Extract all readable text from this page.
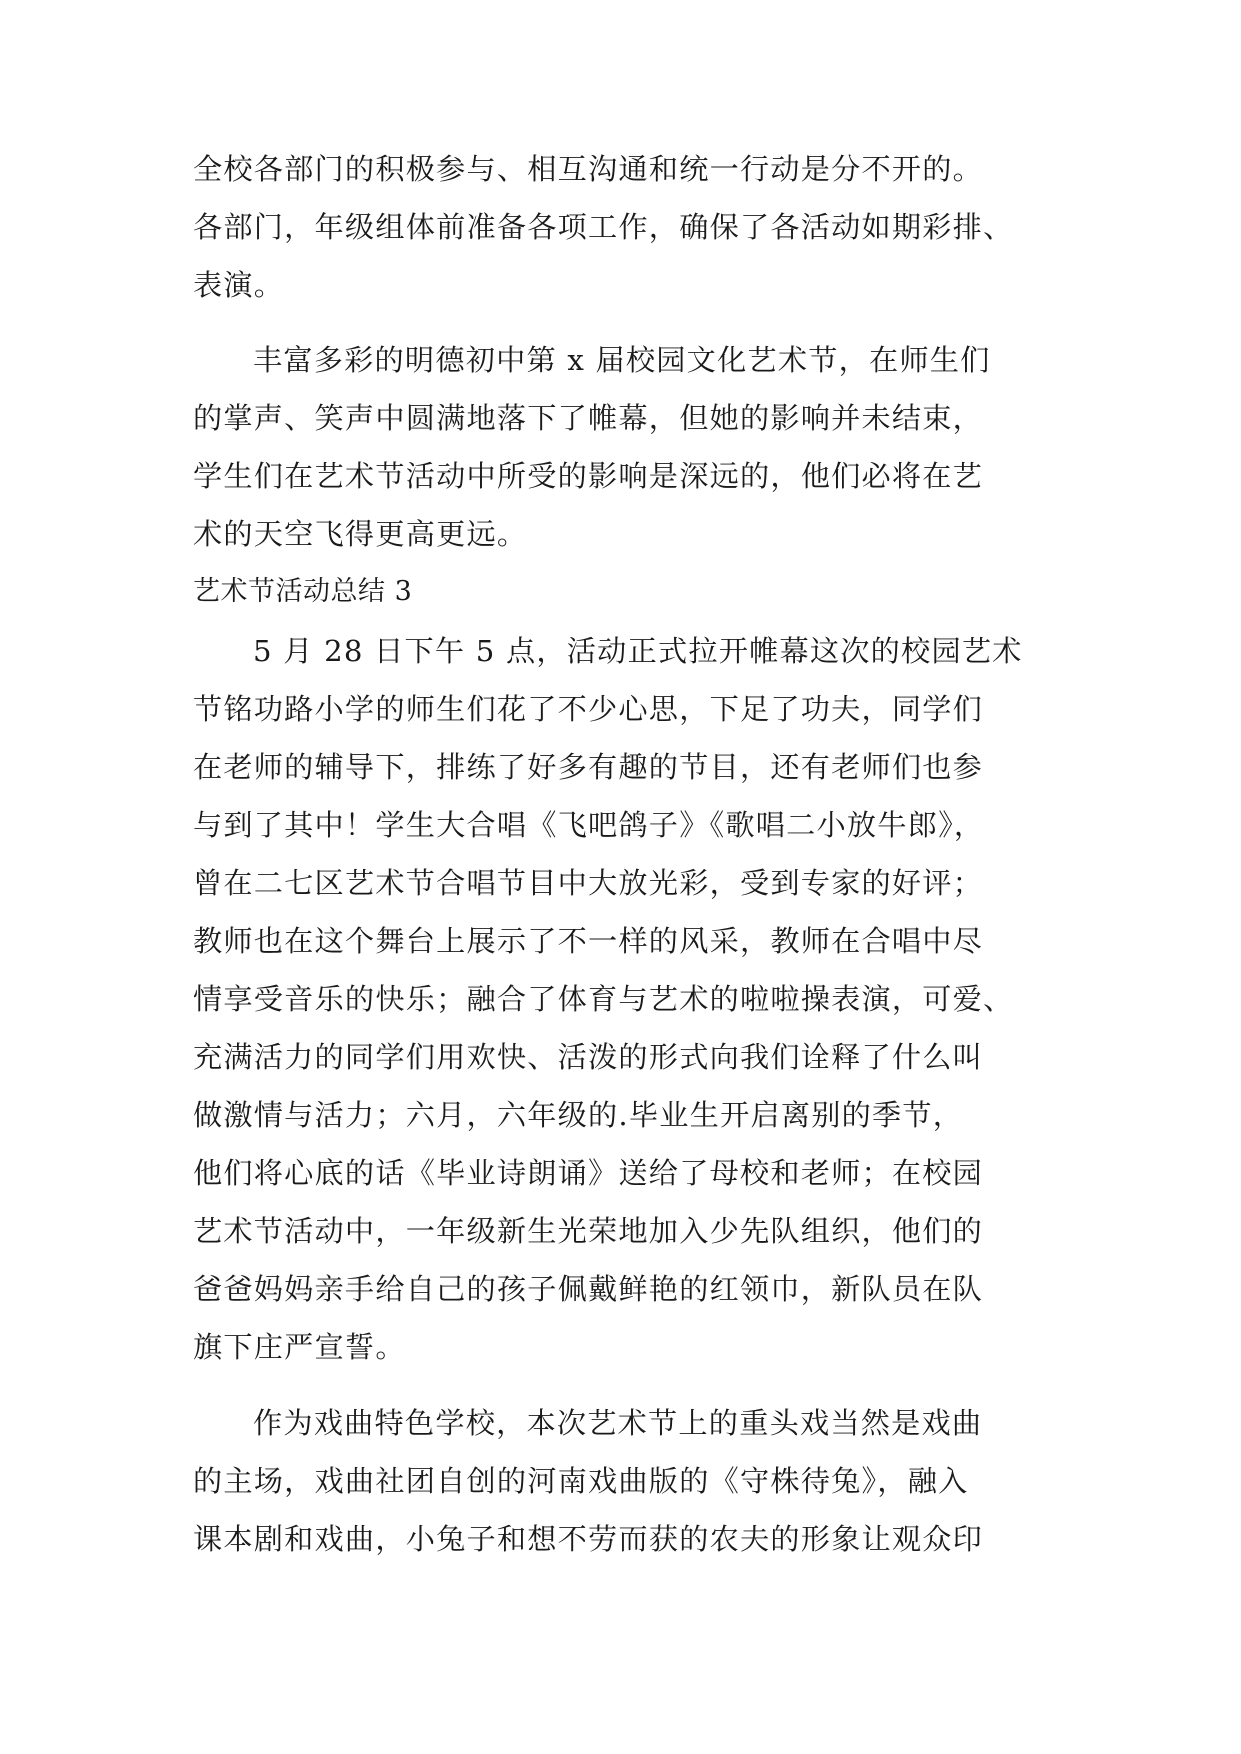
全校各部门的积极参与、相互沟通和统一行动是分不开的。
各部门，年级组体前准备各项工作，确保了各活动如期彩排、
表演。
丰富多彩的明德初中第 x 届校园文化艺术节，在师生们
的掌声、笑声中圆满地落下了帷幕，但她的影响并未结束，
学生们在艺术节活动中所受的影响是深远的，他们必将在艺
术的天空飞得更高更远。
艺术节活动总结 3
5 月 28 日下午 5 点，活动正式拉开帷幕这次的校园艺术
节铭功路小学的师生们花了不少心思，下足了功夫，同学们
在老师的辅导下，排练了好多有趣的节目，还有老师们也参
与到了其中！学生大合唱《飞吧鸽子》《歌唱二小放牛郎》，
曾在二七区艺术节合唱节目中大放光彩，受到专家的好评；
教师也在这个舞台上展示了不一样的风采，教师在合唱中尽
情享受音乐的快乐；融合了体育与艺术的啦啦操表演，可爱、
充满活力的同学们用欢快、活泼的形式向我们诠释了什么叫
做激情与活力；六月，六年级的.毕业生开启离别的季节，
他们将心底的话《毕业诗朗诵》送给了母校和老师；在校园
艺术节活动中，一年级新生光荣地加入少先队组织，他们的
爸爸妈妈亲手给自己的孩子佩戴鲜艳的红领巾，新队员在队
旗下庄严宣誓。
作为戏曲特色学校，本次艺术节上的重头戏当然是戏曲
的主场，戏曲社团自创的河南戏曲版的《守株待兔》，融入
课本剧和戏曲，小兔子和想不劳而获的农夫的形象让观众印
